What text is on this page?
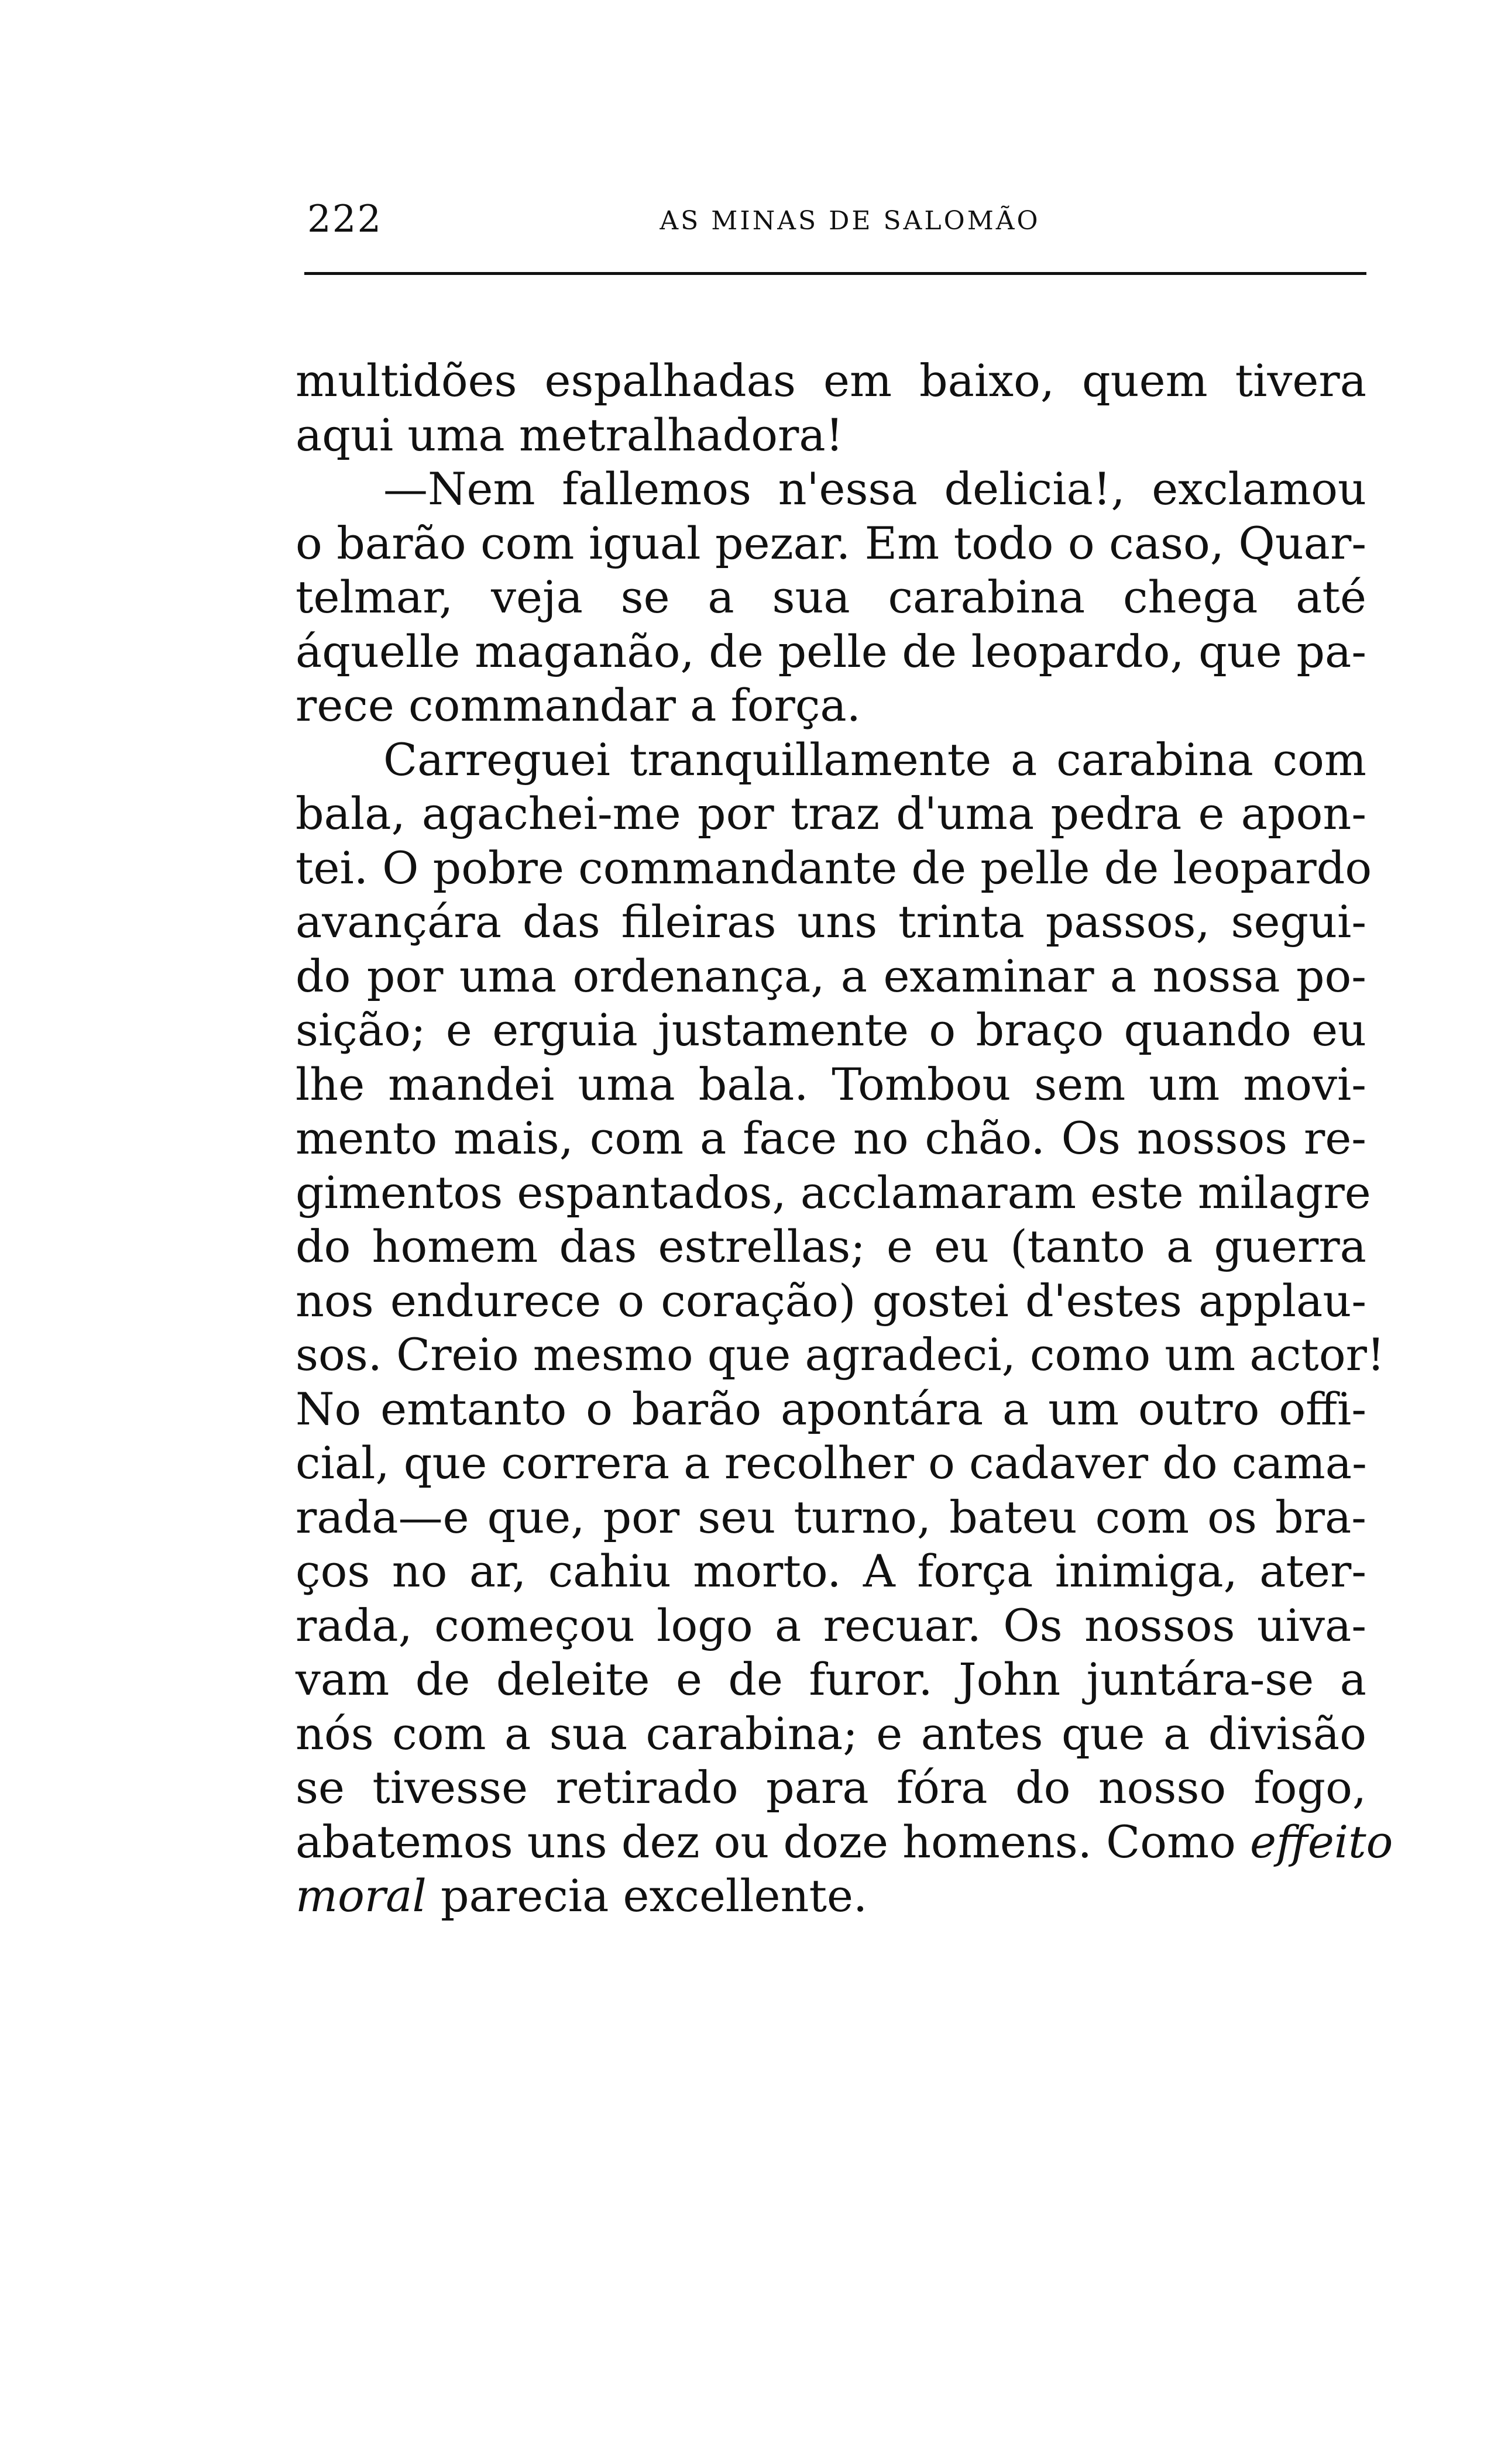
222	AS MINAS DE SALOMÃO
multidões espalhadas em baixo, quem tivera
aqui uma metralhadora!
—Nem fallemos n'essa delicia!, exclamou
o barão com igual pezar. Em todo o caso, Quar-
telmar, veja se a sua carabina chega até
áquelle maganão, de pelle de leopardo, que pa-
rece commandar a força.
Carreguei tranquillamente a carabina com
bala, agachei-me por traz d'uma pedra e apon-
tei. O pobre commandante de pelle de leopardo
avançára das fileiras uns trinta passos, segui-
do por uma ordenança, a examinar a nossa po-
sição; e erguia justamente o braço quando eu
lhe mandei uma bala. Tombou sem um movi-
mento mais, com a face no chão. Os nossos re-
gimentos espantados, acclamaram este milagre
do homem das estrellas; e eu (tanto a guerra
nos endurece o coração) gostei d'estes applau-
sos. Creio mesmo que agradeci, como um actor!
No emtanto o barão apontára a um outro offi-
cial, que correra a recolher o cadaver do cama-
rada—e que, por seu turno, bateu com os bra-
ços no ar, cahiu morto. A força inimiga, ater-
rada, começou logo a recuar. Os nossos uiva-
vam de deleite e de furor. John juntára-se a
nós com a sua carabina; e antes que a divisão
se tivesse retirado para fóra do nosso fogo,
abatemos uns dez ou doze homens. Como effeito
moral parecia excellente.
